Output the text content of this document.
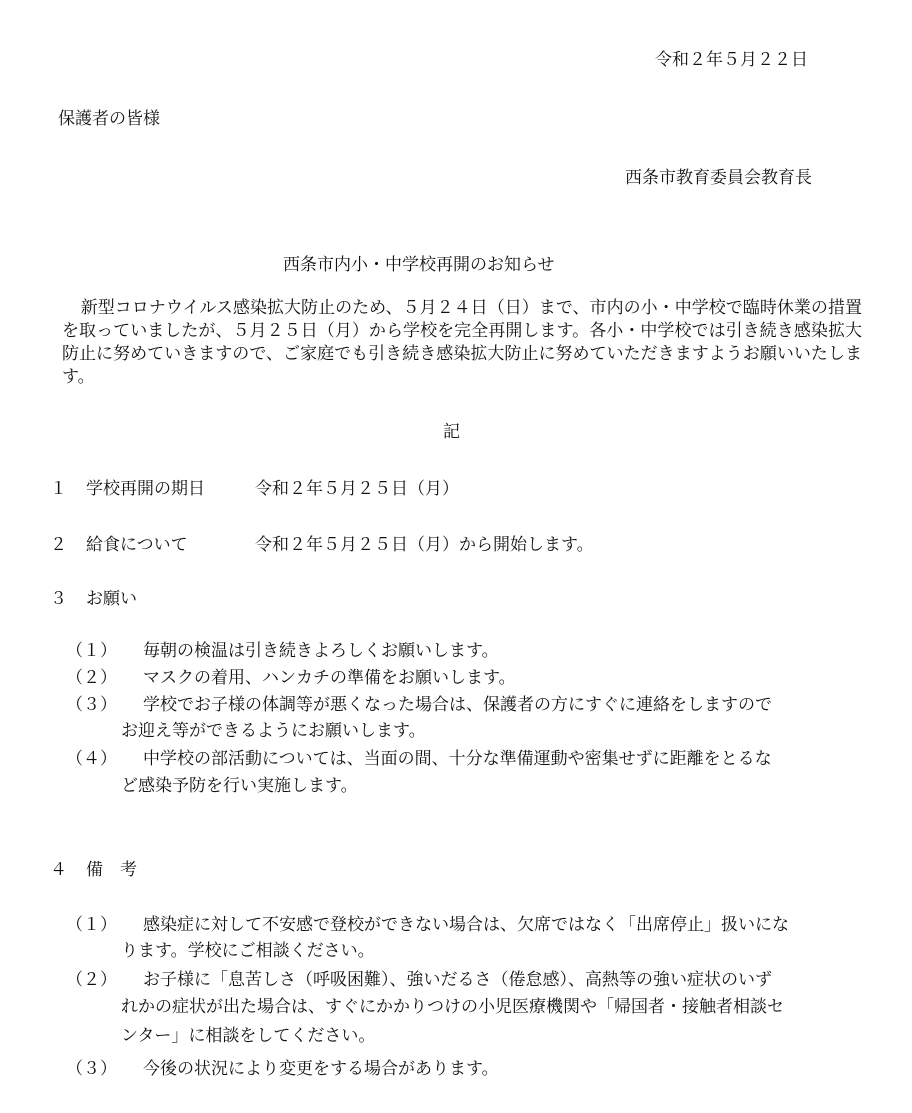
令和２年５月２２日
保護者の皆様
西条市教育委員会教育長
西条市内小・中学校再開のお知らせ
新型コロナウイルス感染拡大防止のため、５月２４日（日）まで、市内の小・中学校で臨時休業の措置を取っていましたが、５月２５日（月）から学校を完全再開します。各小・中学校では引き続き感染拡大防止に努めていきますので、ご家庭でも引き続き感染拡大防止に努めていただきますようお願いいたします。
記
１ 学校再開の期日	令和２年５月２５日（月）
２ 給食について	令和２年５月２５日（月）から開始します。
３ お願い
（１） 毎朝の検温は引き続きよろしくお願いします。
（２） マスクの着用、ハンカチの準備をお願いします。
（３） 学校でお子様の体調等が悪くなった場合は、保護者の方にすぐに連絡をしますので
お迎え等ができるようにお願いします。
（４） 中学校の部活動については、当面の間、十分な準備運動や密集せずに距離をとるな
ど感染予防を行い実施します。
４ 備　考
（１） 感染症に対して不安感で登校ができない場合は、欠席ではなく「出席停止」扱いにな
ります。学校にご相談ください。
（２） お子様に「息苦しさ（呼吸困難）、強いだるさ（倦怠感）、高熱等の強い症状のいず
れかの症状が出た場合は、すぐにかかりつけの小児医療機関や「帰国者・接触者相談セ
ンター」に相談をしてください。
（３） 今後の状況により変更をする場合があります。
